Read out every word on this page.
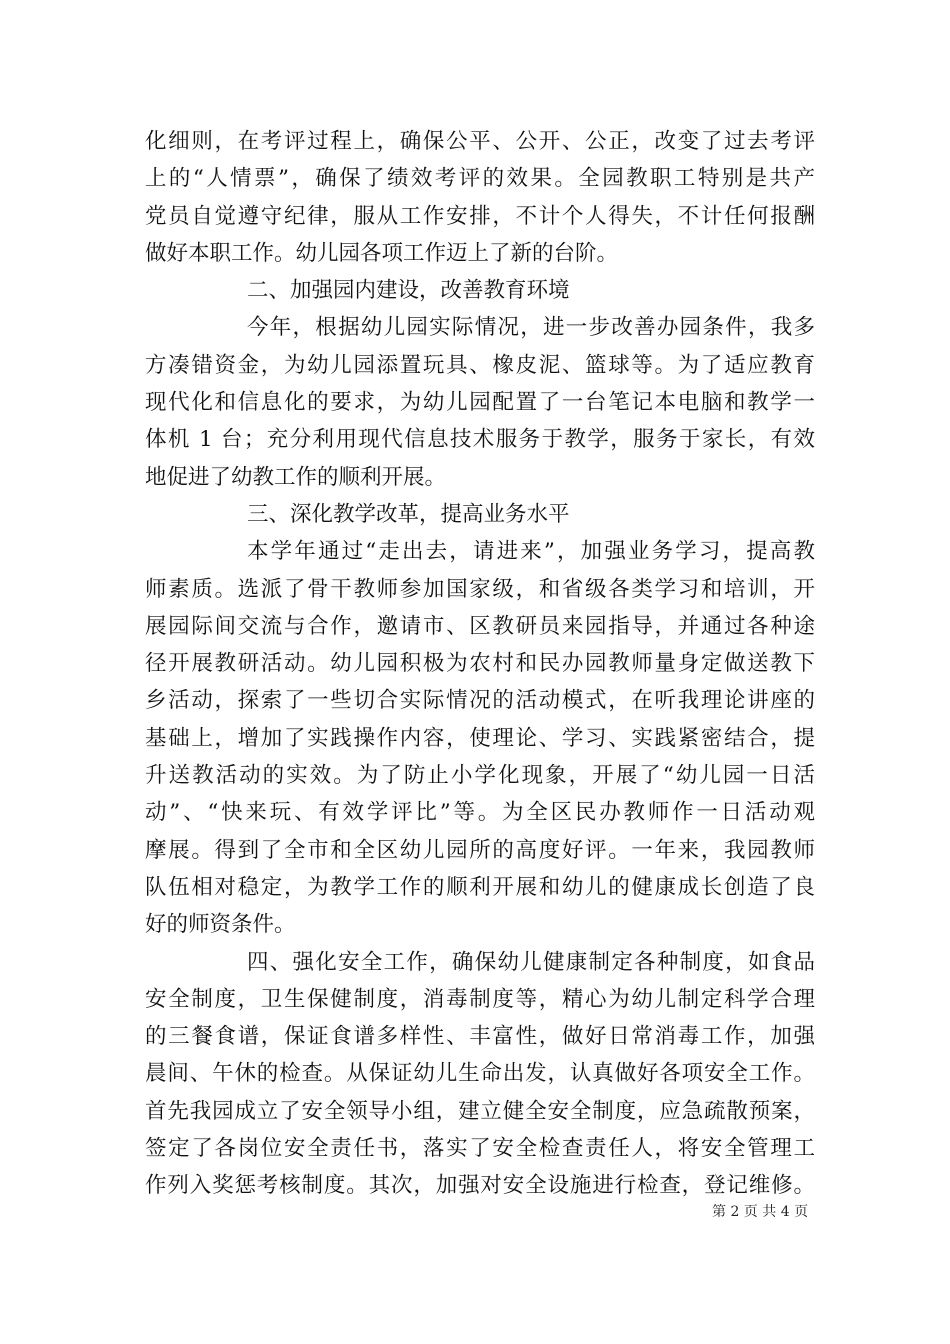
化细则，在考评过程上，确保公平、公开、公正，改变了过去考评
上的“人情票”，确保了绩效考评的效果。全园教职工特别是共产
党员自觉遵守纪律，服从工作安排，不计个人得失，不计任何报酬
做好本职工作。幼儿园各项工作迈上了新的台阶。
二、加强园内建设，改善教育环境
今年，根据幼儿园实际情况，进一步改善办园条件，我多
方凑错资金，为幼儿园添置玩具、橡皮泥、篮球等。为了适应教育
现代化和信息化的要求，为幼儿园配置了一台笔记本电脑和教学一
体机 1 台；充分利用现代信息技术服务于教学，服务于家长，有效
地促进了幼教工作的顺利开展。
三、深化教学改革，提高业务水平
本学年通过“走出去，请进来”，加强业务学习，提高教
师素质。选派了骨干教师参加国家级，和省级各类学习和培训，开
展园际间交流与合作，邀请市、区教研员来园指导，并通过各种途
径开展教研活动。幼儿园积极为农村和民办园教师量身定做送教下
乡活动，探索了一些切合实际情况的活动模式，在听我理论讲座的
基础上，增加了实践操作内容，使理论、学习、实践紧密结合，提
升送教活动的实效。为了防止小学化现象，开展了“幼儿园一日活
动”、“快来玩、有效学评比”等。为全区民办教师作一日活动观
摩展。得到了全市和全区幼儿园所的高度好评。一年来，我园教师
队伍相对稳定，为教学工作的顺利开展和幼儿的健康成长创造了良
好的师资条件。
四、强化安全工作，确保幼儿健康制定各种制度，如食品
安全制度，卫生保健制度，消毒制度等，精心为幼儿制定科学合理
的三餐食谱，保证食谱多样性、丰富性，做好日常消毒工作，加强
晨间、午休的检查。从保证幼儿生命出发，认真做好各项安全工作。
首先我园成立了安全领导小组，建立健全安全制度，应急疏散预案，
签定了各岗位安全责任书，落实了安全检查责任人，将安全管理工
作列入奖惩考核制度。其次，加强对安全设施进行检查，登记维修。
第 2 页 共 4 页
